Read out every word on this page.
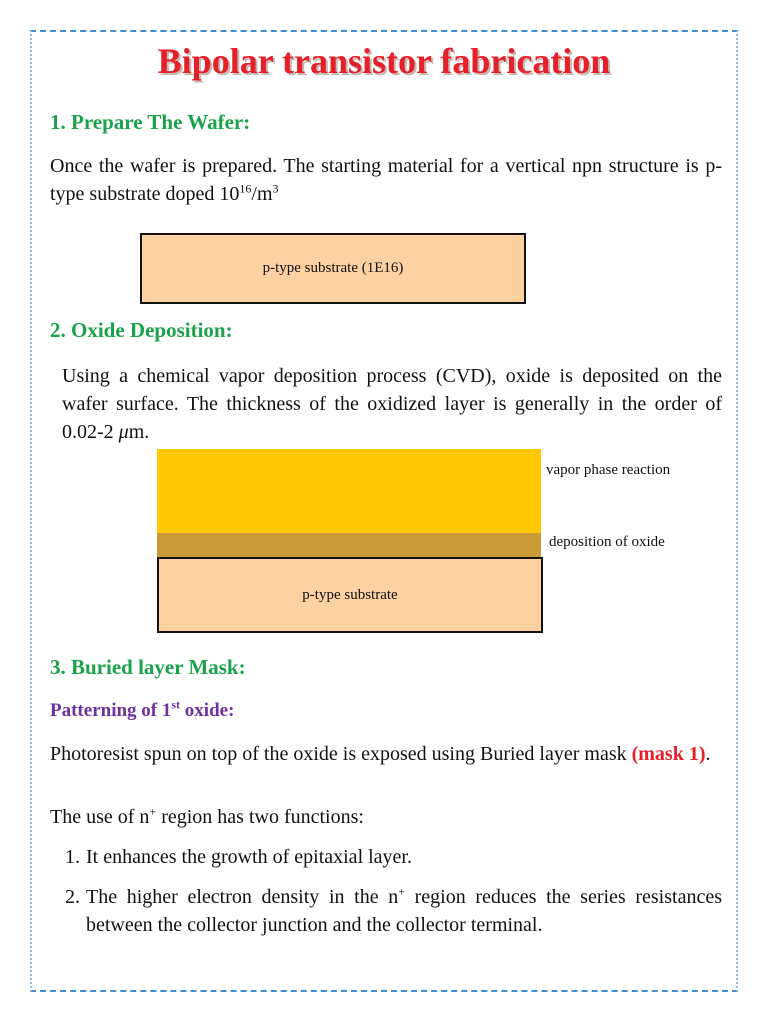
Bipolar transistor fabrication
1. Prepare The Wafer:
Once the wafer is prepared. The starting material for a vertical npn structure is p-type substrate doped $10^{16}/m^3$
p-type substrate (1E16)
2. Oxide Deposition:
Using a chemical vapor deposition process (CVD), oxide is deposited on the wafer surface. The thickness of the oxidized layer is generally in the order of 0.02-2 μm.
p-type substrate
vapor phase reaction
deposition of oxide
3. Buried layer Mask:
Patterning of 1st oxide:
Photoresist spun on top of the oxide is exposed using Buried layer mask (mask 1).
The use of n+ region has two functions:
1. It enhances the growth of epitaxial layer.
2. The higher electron density in the n+ region reduces the series resistances between the collector junction and the collector terminal.
